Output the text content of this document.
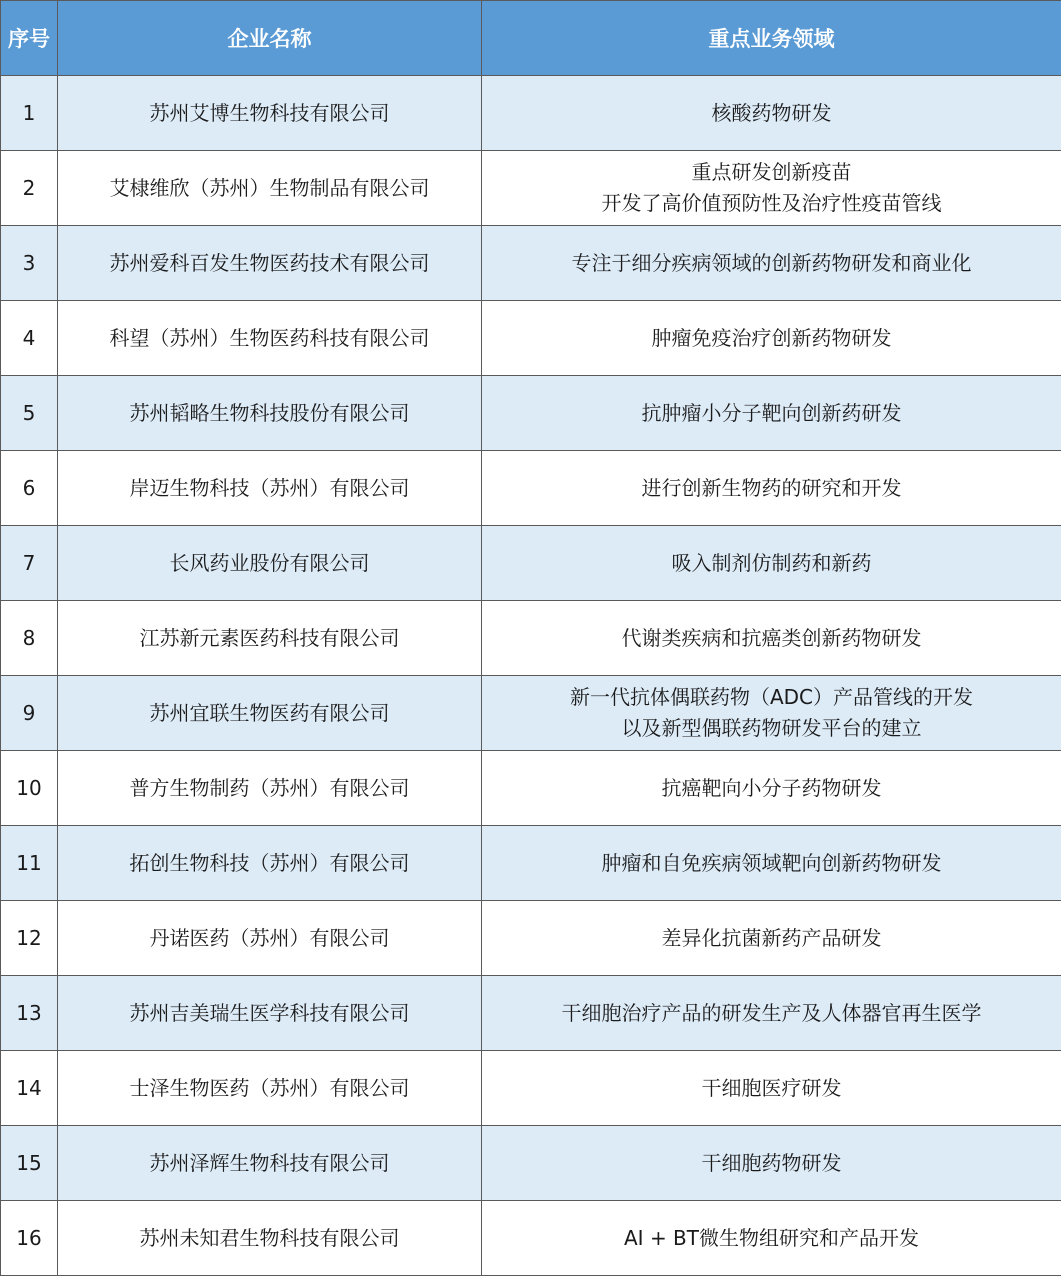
序号	企业名称	重点业务领域
1	苏州艾博生物科技有限公司	核酸药物研发

2	艾棣维欣（苏州）生物制品有限公司	重点研发创新疫苗
开发了高价值预防性及治疗性疫苗管线

3	苏州爱科百发生物医药技术有限公司	专注于细分疾病领域的创新药物研发和商业化

4	科望（苏州）生物医药科技有限公司	肿瘤免疫治疗创新药物研发

5	苏州韬略生物科技股份有限公司	抗肿瘤小分子靶向创新药研发

6	岸迈生物科技（苏州）有限公司	进行创新生物药的研究和开发

7	长风药业股份有限公司	吸入制剂仿制药和新药

8	江苏新元素医药科技有限公司	代谢类疾病和抗癌类创新药物研发

9	苏州宜联生物医药有限公司	新一代抗体偶联药物（ADC）产品管线的开发
以及新型偶联药物研发平台的建立

10	普方生物制药（苏州）有限公司	抗癌靶向小分子药物研发

11	拓创生物科技（苏州）有限公司	肿瘤和自免疾病领域靶向创新药物研发

12	丹诺医药（苏州）有限公司	差异化抗菌新药产品研发

13	苏州吉美瑞生医学科技有限公司	干细胞治疗产品的研发生产及人体器官再生医学

14	士泽生物医药（苏州）有限公司	干细胞医疗研发

15	苏州泽辉生物科技有限公司	干细胞药物研发

16	苏州未知君生物科技有限公司	AI + BT微生物组研究和产品开发
